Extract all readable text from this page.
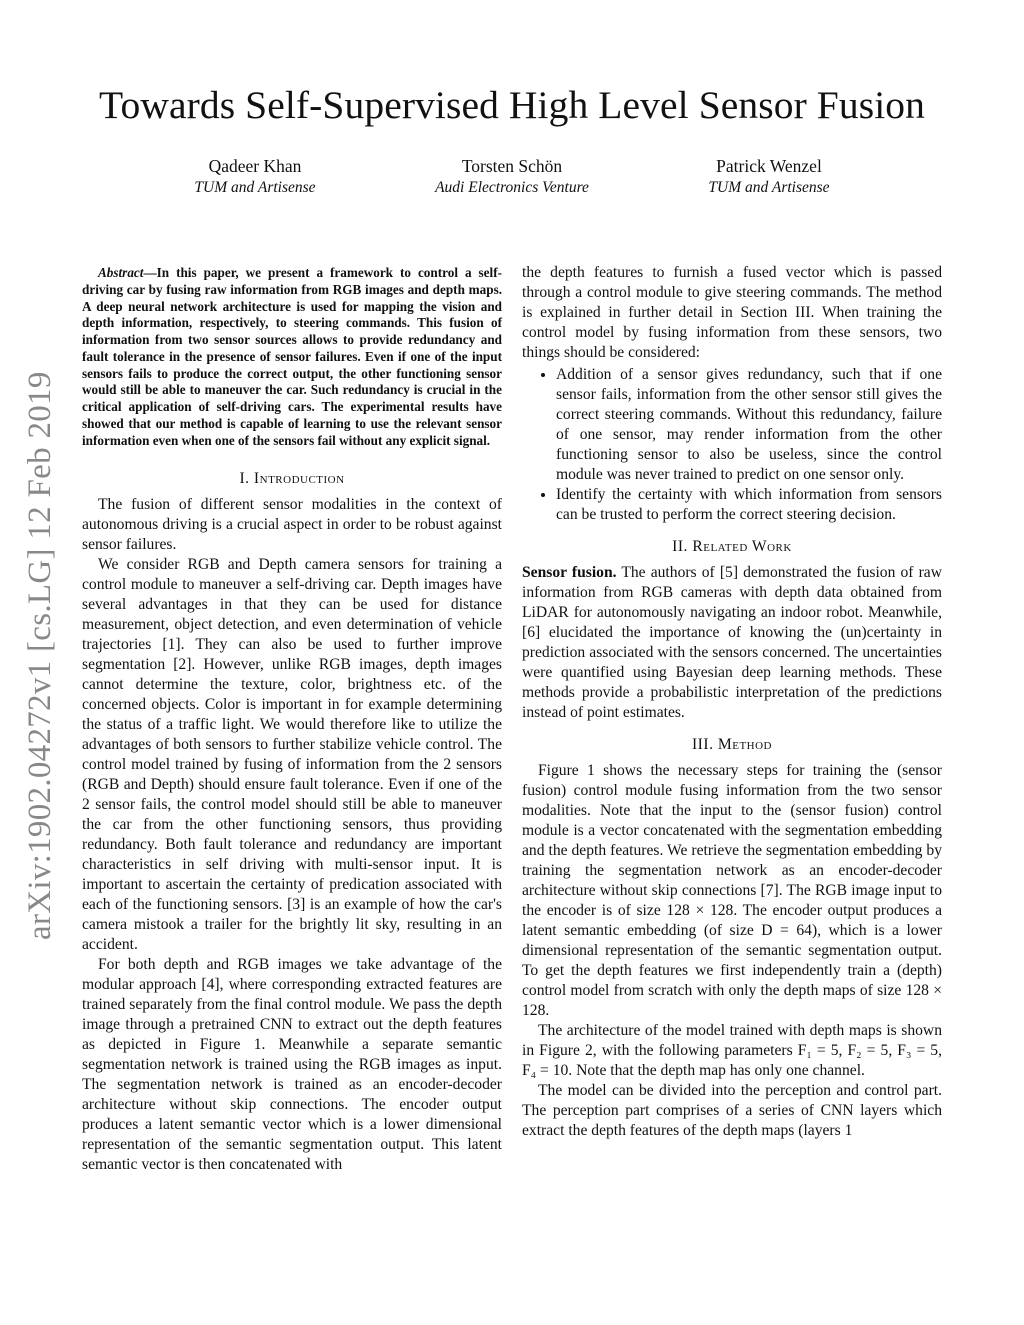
Towards Self-Supervised High Level Sensor Fusion
Qadeer Khan
TUM and Artisense
Torsten Schön
Audi Electronics Venture
Patrick Wenzel
TUM and Artisense
arXiv:1902.04272v1 [cs.LG] 12 Feb 2019

Abstract—In this paper, we present a framework to control a self-driving car by fusing raw information from RGB images and depth maps. A deep neural network architecture is used for mapping the vision and depth information, respectively, to steering commands. This fusion of information from two sensor sources allows to provide redundancy and fault tolerance in the presence of sensor failures. Even if one of the input sensors fails to produce the correct output, the other functioning sensor would still be able to maneuver the car. Such redundancy is crucial in the critical application of self-driving cars. The experimental results have showed that our method is capable of learning to use the relevant sensor information even when one of the sensors fail without any explicit signal.

I. Introduction

The fusion of different sensor modalities in the context of autonomous driving is a crucial aspect in order to be robust against sensor failures.

We consider RGB and Depth camera sensors for training a control module to maneuver a self-driving car. Depth images have several advantages in that they can be used for distance measurement, object detection, and even determination of vehicle trajectories [1]. They can also be used to further improve segmentation [2]. However, unlike RGB images, depth images cannot determine the texture, color, brightness etc. of the concerned objects. Color is important in for example determining the status of a traffic light. We would therefore like to utilize the advantages of both sensors to further stabilize vehicle control. The control model trained by fusing of information from the 2 sensors (RGB and Depth) should ensure fault tolerance. Even if one of the 2 sensor fails, the control model should still be able to maneuver the car from the other functioning sensors, thus providing redundancy. Both fault tolerance and redundancy are important characteristics in self driving with multi-sensor input. It is important to ascertain the certainty of predication associated with each of the functioning sensors. [3] is an example of how the car's camera mistook a trailer for the brightly lit sky, resulting in an accident.

For both depth and RGB images we take advantage of the modular approach [4], where corresponding extracted features are trained separately from the final control module. We pass the depth image through a pretrained CNN to extract out the depth features as depicted in Figure 1. Meanwhile a separate semantic segmentation network is trained using the RGB images as input. The segmentation network is trained as an encoder-decoder architecture without skip connections. The encoder output produces a latent semantic vector which is a lower dimensional representation of the semantic segmentation output. This latent semantic vector is then concatenated with

the depth features to furnish a fused vector which is passed through a control module to give steering commands. The method is explained in further detail in Section III. When training the control model by fusing information from these sensors, two things should be considered:

• Addition of a sensor gives redundancy, such that if one sensor fails, information from the other sensor still gives the correct steering commands. Without this redundancy, failure of one sensor, may render information from the other functioning sensor to also be useless, since the control module was never trained to predict on one sensor only.
• Identify the certainty with which information from sensors can be trusted to perform the correct steering decision.
II. Related Work

Sensor fusion. The authors of [5] demonstrated the fusion of raw information from RGB cameras with depth data obtained from LiDAR for autonomously navigating an indoor robot. Meanwhile, [6] elucidated the importance of knowing the (un)certainty in prediction associated with the sensors concerned. The uncertainties were quantified using Bayesian deep learning methods. These methods provide a probabilistic interpretation of the predictions instead of point estimates.

III. Method

Figure 1 shows the necessary steps for training the (sensor fusion) control module fusing information from the two sensor modalities. Note that the input to the (sensor fusion) control module is a vector concatenated with the segmentation embedding and the depth features. We retrieve the segmentation embedding by training the segmentation network as an encoder-decoder architecture without skip connections [7]. The RGB image input to the encoder is of size 128 × 128. The encoder output produces a latent semantic embedding (of size D = 64), which is a lower dimensional representation of the semantic segmentation output. To get the depth features we first independently train a (depth) control model from scratch with only the depth maps of size 128 × 128.

The architecture of the model trained with depth maps is shown in Figure 2, with the following parameters F₁ = 5, F₂ = 5, F₃ = 5, F₄ = 10. Note that the depth map has only one channel.

The model can be divided into the perception and control part. The perception part comprises of a series of CNN layers which extract the depth features of the depth maps (layers 1
